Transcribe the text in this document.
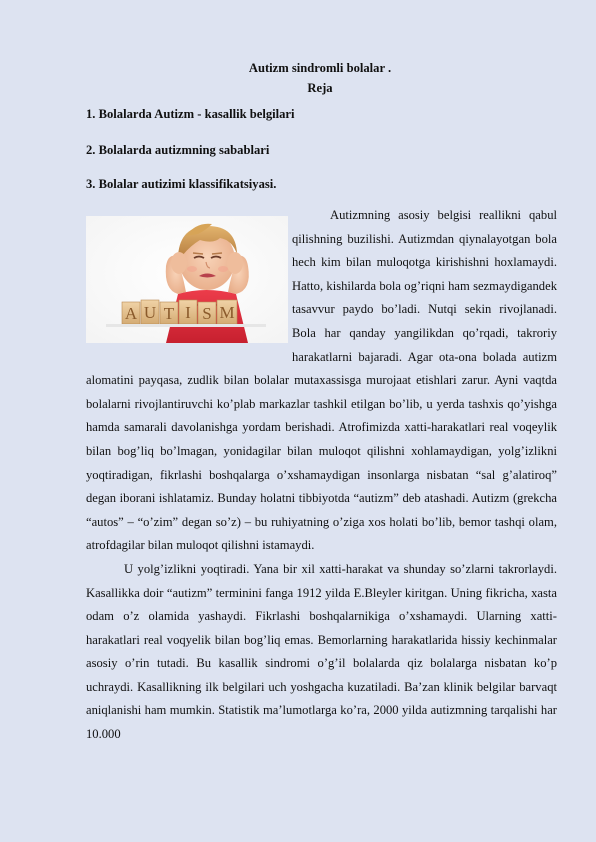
Autizm sindromli bolalar .
Reja
1. Bolalarda Autizm - kasallik belgilari
2. Bolalarda autizmning sabablari
3. Bolalar autizimi klassifikatsiyasi.

Autizmning asosiy belgisi reallikni qabul qilishning buzilishi. Autizmdan qiynalayotgan bola hech kim bilan muloqotga kirishishni hoxlamaydi. Hatto, kishilarda bola og’riqni ham sezmaydigandek tasavvur paydo bo’ladi. Nutqi sekin rivojlanadi. Bola har qanday yangilikdan qo’rqadi, takroriy harakatlarni bajaradi. Agar ota-ona bolada autizm alomatini payqasa, zudlik bilan bolalar mutaxassisga murojaat etishlari zarur. Ayni vaqtda bolalarni rivojlantiruvchi ko’plab markazlar tashkil etilgan bo’lib, u yerda tashxis qo’yishga hamda samarali davolanishga yordam berishadi. Atrofimizda xatti-harakatlari real voqeylik bilan bog’liq bo’lmagan, yonidagilar bilan muloqot qilishni xohlamaydigan, yolg’izlikni yoqtiradigan, fikrlashi boshqalarga o’xshamaydigan insonlarga nisbatan “sal g’alatiroq” degan iborani ishlatamiz. Bunday holatni tibbiyotda “autizm” deb atashadi. Autizm (grekcha “autos” – “o’zim” degan so’z) – bu ruhiyatning o’ziga xos holati bo’lib, bemor tashqi olam, atrofdagilar bilan muloqot qilishni istamaydi.

U yolg’izlikni yoqtiradi. Yana bir xil xatti-harakat va shunday so’zlarni takrorlaydi. Kasallikka doir “autizm” terminini fanga 1912 yilda E.Bleyler kiritgan. Uning fikricha, xasta odam o’z olamida yashaydi. Fikrlashi boshqalarnikiga o’xshamaydi. Ularning xatti-harakatlari real voqyelik bilan bog’liq emas. Bemorlarning harakatlarida hissiy kechinmalar asosiy o’rin tutadi. Bu kasallik sindromi o’g’il bolalarda qiz bolalarga nisbatan ko’p uchraydi. Kasallikning ilk belgilari uch yoshgacha kuzatiladi. Ba’zan klinik belgilar barvaqt aniqlanishi ham mumkin. Statistik ma’lumotlarga ko’ra, 2000 yilda autizmning tarqalishi har 10.000

A U T I S M
